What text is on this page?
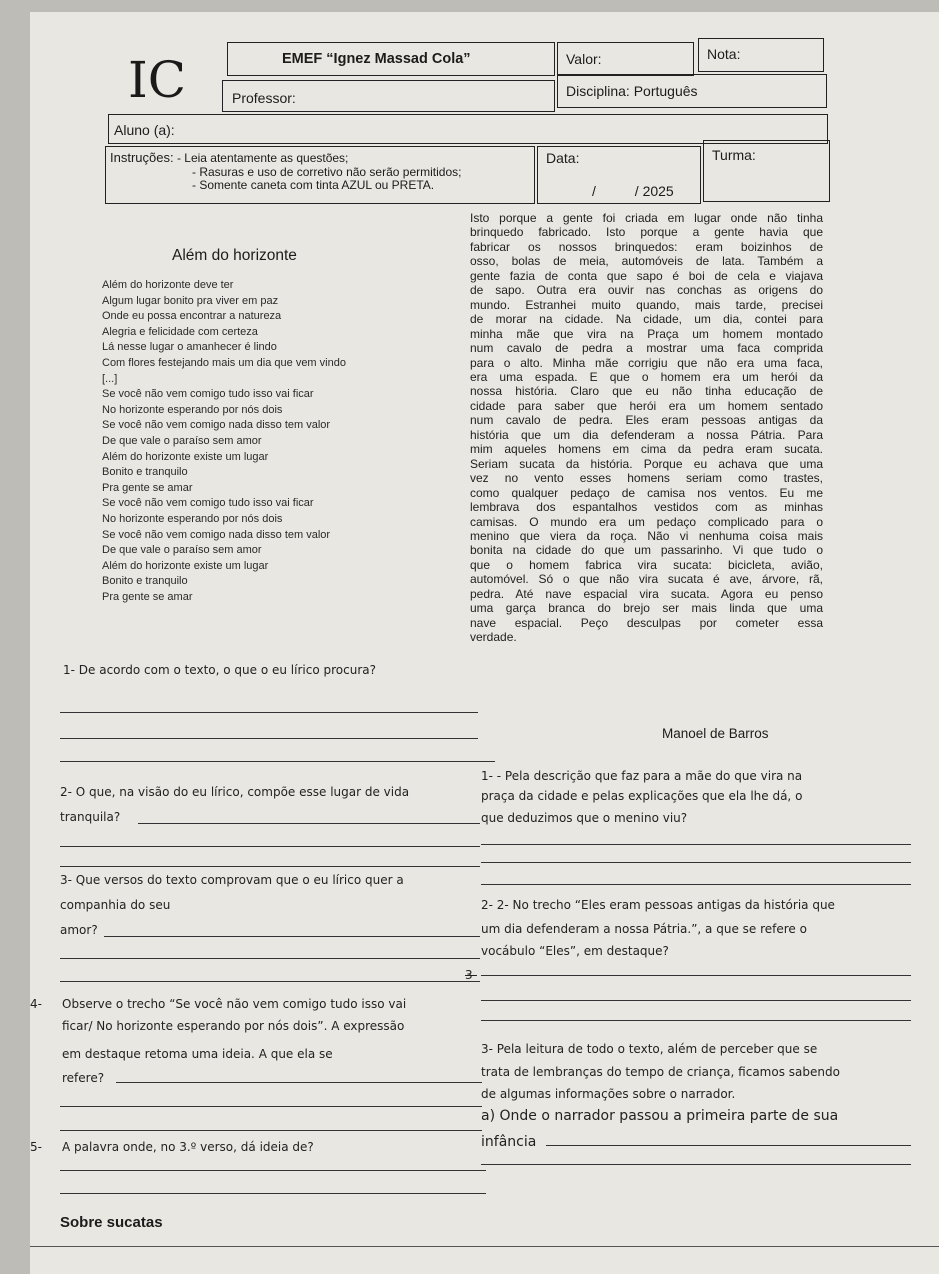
IC	EMEF “Ignez Massad Cola”	Valor:	Nota:
Professor:	Disciplina: Português
Aluno (a):
Instruções: - Leia atentamente as questões;
- Rasuras e uso de corretivo não serão permitidos;
- Somente caneta com tinta AZUL ou PRETA.
Data:
/          / 2025
Turma:
Além do horizonte
Além do horizonte deve ter
Algum lugar bonito pra viver em paz
Onde eu possa encontrar a natureza
Alegria e felicidade com certeza
Lá nesse lugar o amanhecer é lindo
Com flores festejando mais um dia que vem vindo
[...]
Se você não vem comigo tudo isso vai ficar
No horizonte esperando por nós dois
Se você não vem comigo nada disso tem valor
De que vale o paraíso sem amor
Além do horizonte existe um lugar
Bonito e tranquilo
Pra gente se amar
Se você não vem comigo tudo isso vai ficar
No horizonte esperando por nós dois
Se você não vem comigo nada disso tem valor
De que vale o paraíso sem amor
Além do horizonte existe um lugar
Bonito e tranquilo
Pra gente se amar
Isto porque a gente foi criada em lugar onde não tinha
brinquedo fabricado. Isto porque a gente havia que
fabricar os nossos brinquedos: eram boizinhos de
osso, bolas de meia, automóveis de lata. Também a
gente fazia de conta que sapo é boi de cela e viajava
de sapo. Outra era ouvir nas conchas as origens do
mundo. Estranhei muito quando, mais tarde, precisei
de morar na cidade. Na cidade, um dia, contei para
minha mãe que vira na Praça um homem montado
num cavalo de pedra a mostrar uma faca comprida
para o alto. Minha mãe corrigiu que não era uma faca,
era uma espada. E que o homem era um herói da
nossa história. Claro que eu não tinha educação de
cidade para saber que herói era um homem sentado
num cavalo de pedra. Eles eram pessoas antigas da
história que um dia defenderam a nossa Pátria. Para
mim aqueles homens em cima da pedra eram sucata.
Seriam sucata da história. Porque eu achava que uma
vez no vento esses homens seriam como trastes,
como qualquer pedaço de camisa nos ventos. Eu me
lembrava dos espantalhos vestidos com as minhas
camisas. O mundo era um pedaço complicado para o
menino que viera da roça. Não vi nenhuma coisa mais
bonita na cidade do que um passarinho. Vi que tudo o
que o homem fabrica vira sucata: bicicleta, avião,
automóvel. Só o que não vira sucata é ave, árvore, rã,
pedra. Até nave espacial vira sucata. Agora eu penso
uma garça branca do brejo ser mais linda que uma
nave espacial. Peço desculpas por cometer essa
verdade.
Manoel de Barros
1- De acordo com o texto, o que o eu lírico procura?
2- O que, na visão do eu lírico, compõe esse lugar de vida
tranquila?
3- Que versos do texto comprovam que o eu lírico quer a
companhia do seu
amor?
4- Observe o trecho “Se você não vem comigo tudo isso vai
ficar/ No horizonte esperando por nós dois”. A expressão
em destaque retoma uma ideia. A que ela se
refere?
5- A palavra onde, no 3.º verso, dá ideia de?
1- - Pela descrição que faz para a mãe do que vira na
praça da cidade e pelas explicações que ela lhe dá, o
que deduzimos que o menino viu?
2- 2- No trecho “Eles eram pessoas antigas da história que
um dia defenderam a nossa Pátria.”, a que se refere o
vocábulo “Eles”, em destaque?
3-
3- Pela leitura de todo o texto, além de perceber que se
trata de lembranças do tempo de criança, ficamos sabendo
de algumas informações sobre o narrador.
a) Onde o narrador passou a primeira parte de sua
infância
Sobre sucatas
